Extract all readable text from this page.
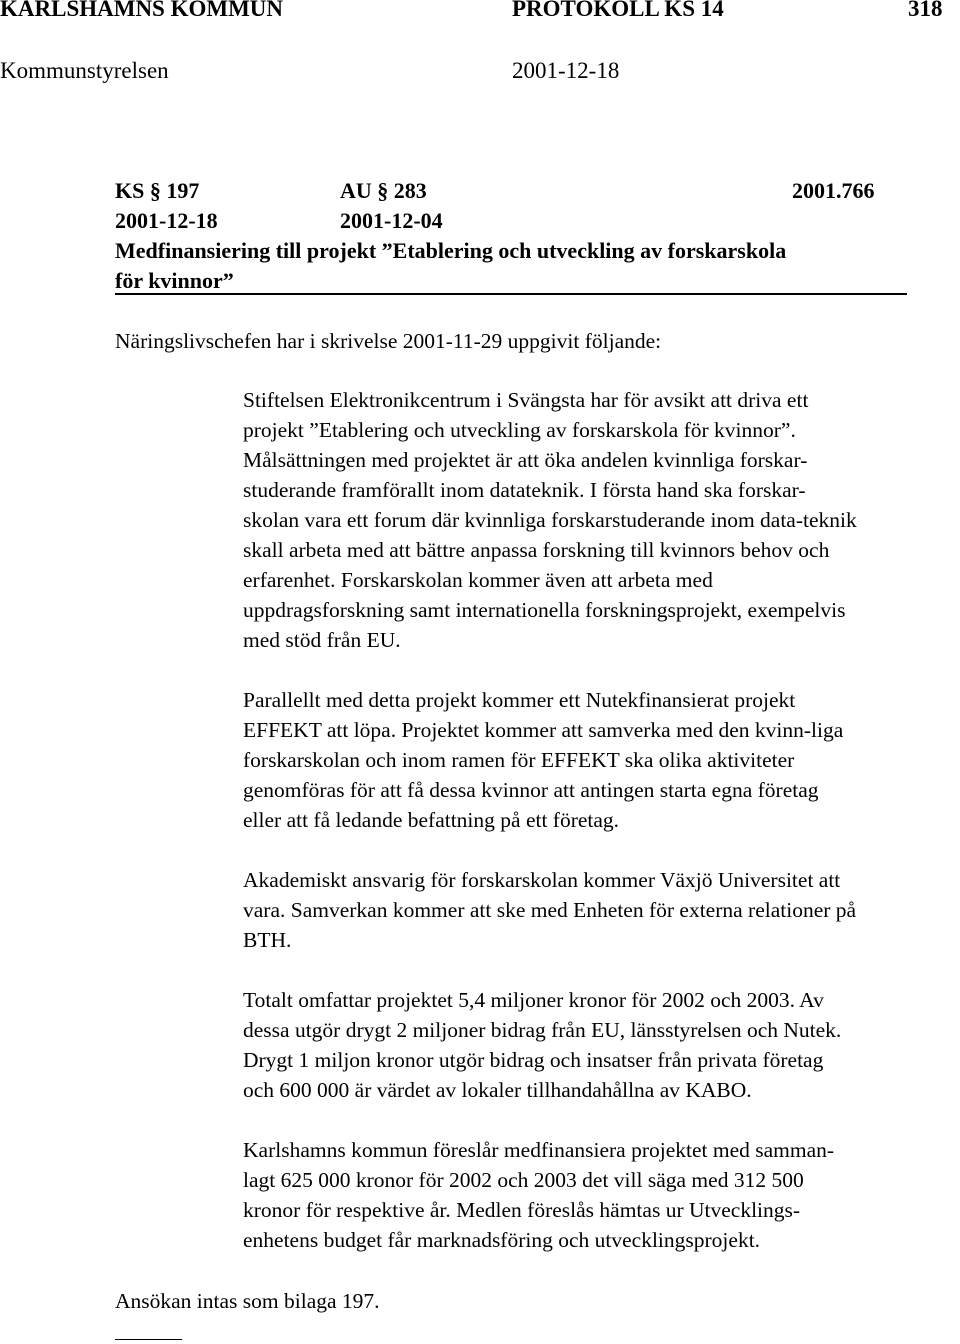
KARLSHAMNS KOMMUN	PROTOKOLL KS 14	318
Kommunstyrelsen	2001-12-18
KS § 197	AU § 283	2001.766
2001-12-18	2001-12-04
Medfinansiering till projekt ”Etablering och utveckling av forskarskola
för kvinnor”
Näringslivschefen har i skrivelse 2001-11-29 uppgivit följande:
Stiftelsen Elektronikcentrum i Svängsta har för avsikt att driva ett
projekt ”Etablering och utveckling av forskarskola för kvinnor”.
Målsättningen med projektet är att öka andelen kvinnliga forskar-
studerande framförallt inom datateknik. I första hand ska forskar-
skolan vara ett forum där kvinnliga forskarstuderande inom data-teknik
skall arbeta med att bättre anpassa forskning till kvinnors behov och
erfarenhet. Forskarskolan kommer även att arbeta med
uppdragsforskning samt internationella forskningsprojekt, exempelvis
med stöd från EU.
Parallellt med detta projekt kommer ett Nutekfinansierat projekt
EFFEKT att löpa. Projektet kommer att samverka med den kvinn-liga
forskarskolan och inom ramen för EFFEKT ska olika aktiviteter
genomföras för att få dessa kvinnor att antingen starta egna företag
eller att få ledande befattning på ett företag.
Akademiskt ansvarig för forskarskolan kommer Växjö Universitet att
vara. Samverkan kommer att ske med Enheten för externa relationer på
BTH.
Totalt omfattar projektet 5,4 miljoner kronor för 2002 och 2003. Av
dessa utgör drygt 2 miljoner bidrag från EU, länsstyrelsen och Nutek.
Drygt 1 miljon kronor utgör bidrag och insatser från privata företag
och 600 000 är värdet av lokaler tillhandahållna av KABO.
Karlshamns kommun föreslår medfinansiera projektet med samman-
lagt 625 000 kronor för 2002 och 2003 det vill säga med 312 500
kronor för respektive år. Medlen föreslås hämtas ur Utvecklings-
enhetens budget får marknadsföring och utvecklingsprojekt.
Ansökan intas som bilaga 197.
